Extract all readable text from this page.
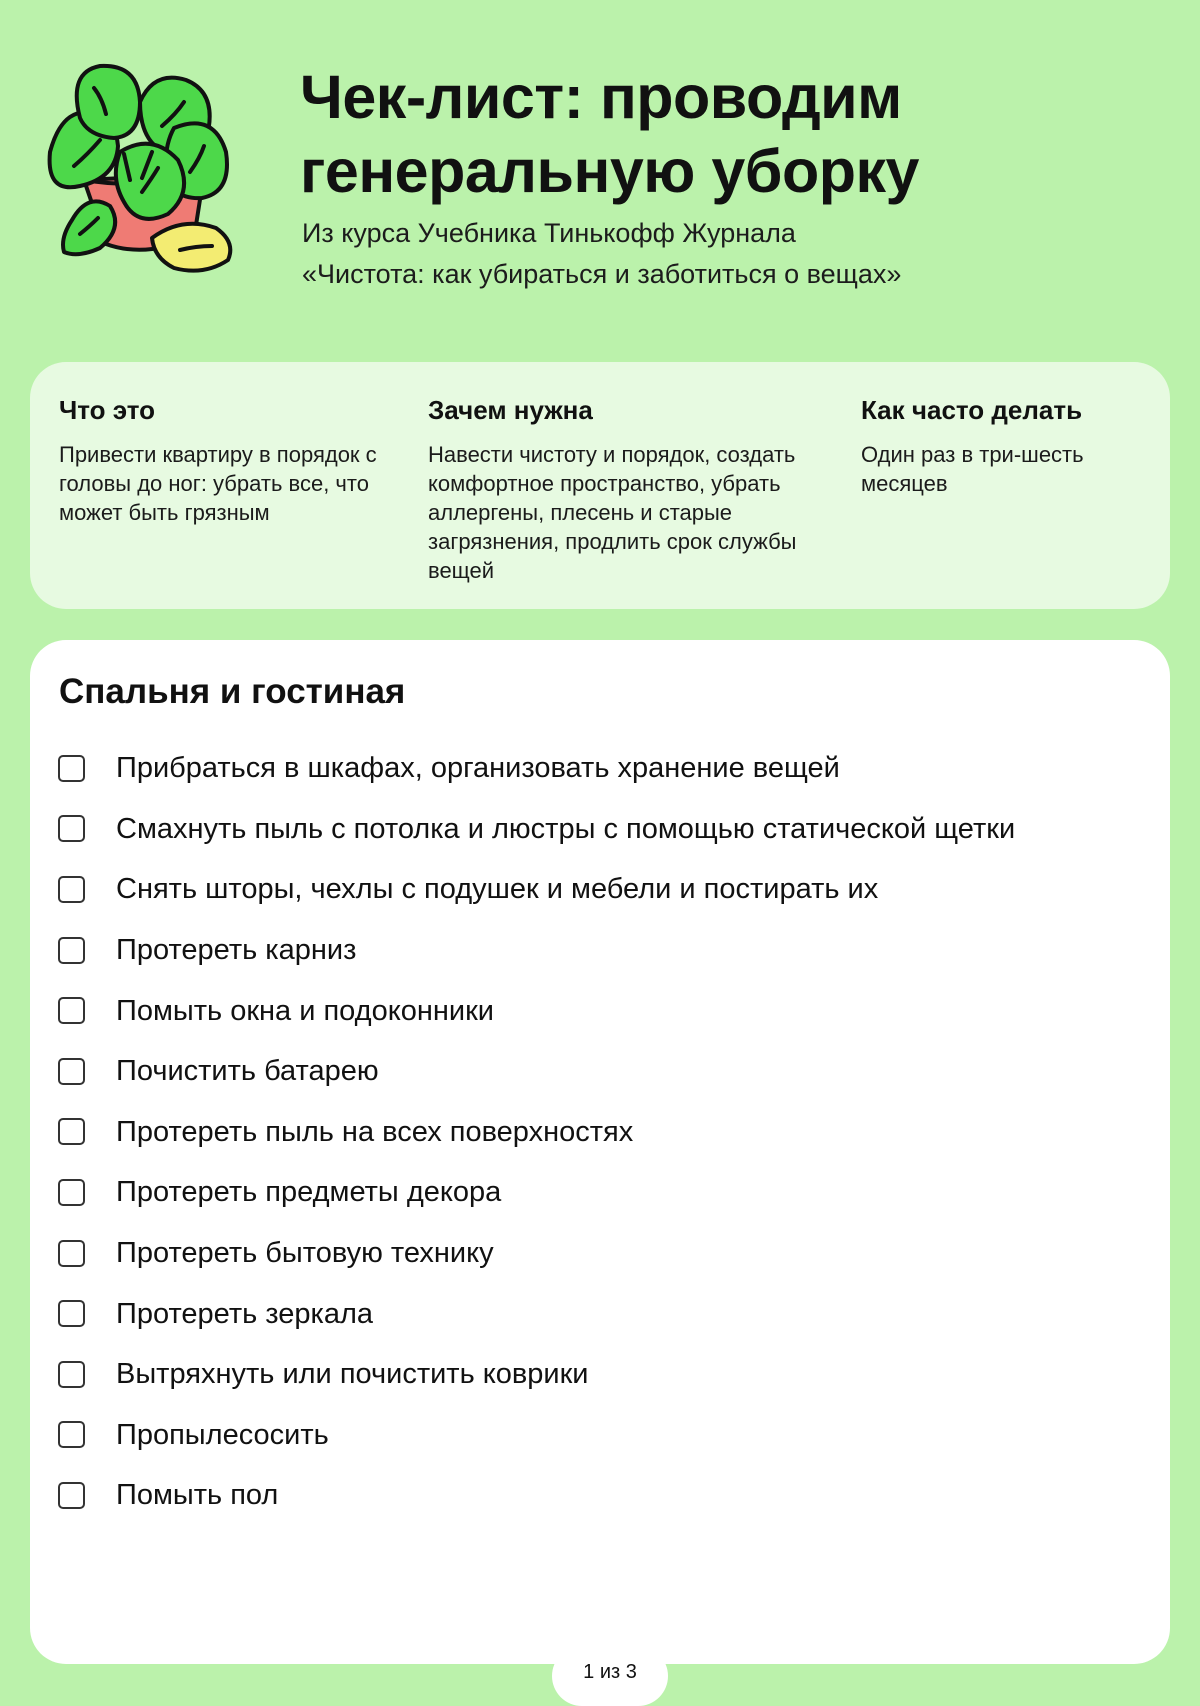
Чек-лист: проводим генеральную уборку
Из курса Учебника Тинькофф Журнала
«Чистота: как убираться и заботиться о вещах»
Что это

Привести квартиру в порядок с головы до ног: убрать все, что может быть грязным

Зачем нужна

Навести чистоту и порядок, создать комфортное пространство, убрать аллергены, плесень и старые загрязнения, продлить срок службы вещей

Как часто делать

Один раз в три-шесть месяцев

Спальня и гостиная
Прибраться в шкафах, организовать хранение вещей
Смахнуть пыль с потолка и люстры с помощью статической щетки
Снять шторы, чехлы с подушек и мебели и постирать их
Протереть карниз
Помыть окна и подоконники
Почистить батарею
Протереть пыль на всех поверхностях
Протереть предметы декора
Протереть бытовую технику
Протереть зеркала
Вытряхнуть или почистить коврики
Пропылесосить
Помыть пол
1 из 3
